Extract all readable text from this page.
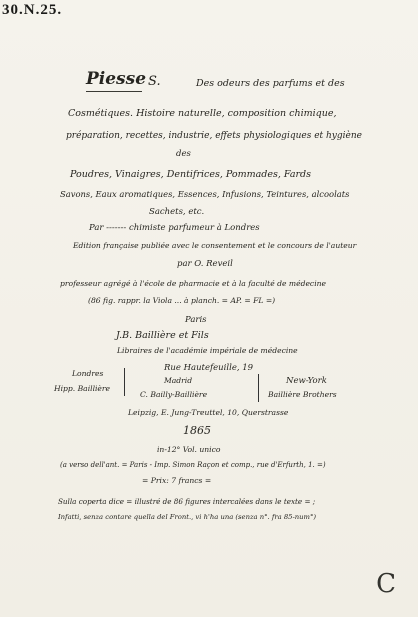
30.N.25.
Piesse S.	Des odeurs des parfums et des
Cosmétiques. Histoire naturelle, composition chimique,
préparation, recettes, industrie, effets physiologiques et hygiène
des
Poudres, Vinaigres, Dentifrices, Pommades, Fards
Savons, Eaux aromatiques, Essences, Infusions, Teintures, alcoolats
Sachets, etc.
Par ------- chimiste parfumeur à Londres
Edition française publiée avec le consentement et le concours de l'auteur
par O. Reveil
professeur agrégé à l'école de pharmacie et à la faculté de médecine
(86 fig. rappr. la Viola ... à planch. = AP. = FL =)
Paris
J.B. Baillière et Fils
Libraires de l'académie impériale de médecine
Rue Hautefeuille, 19
Londres
Hipp. Baillière
Madrid
C. Bailly-Baillière
New-York
Baillière Brothers
Leipzig, E. Jung-Treuttel, 10, Querstrasse
1865
in-12° Vol. unico
(a verso dell'ant. = Paris - Imp. Simon Raçon et comp., rue d'Erfurth, 1. =)
= Prix: 7 francs =
Sulla coperta dice = illustré de 86 figures intercalées dans le texte = ;
Infatti, senza contare quella del Front., vi h'ha una (senza n°. fra 85-num°)
C
